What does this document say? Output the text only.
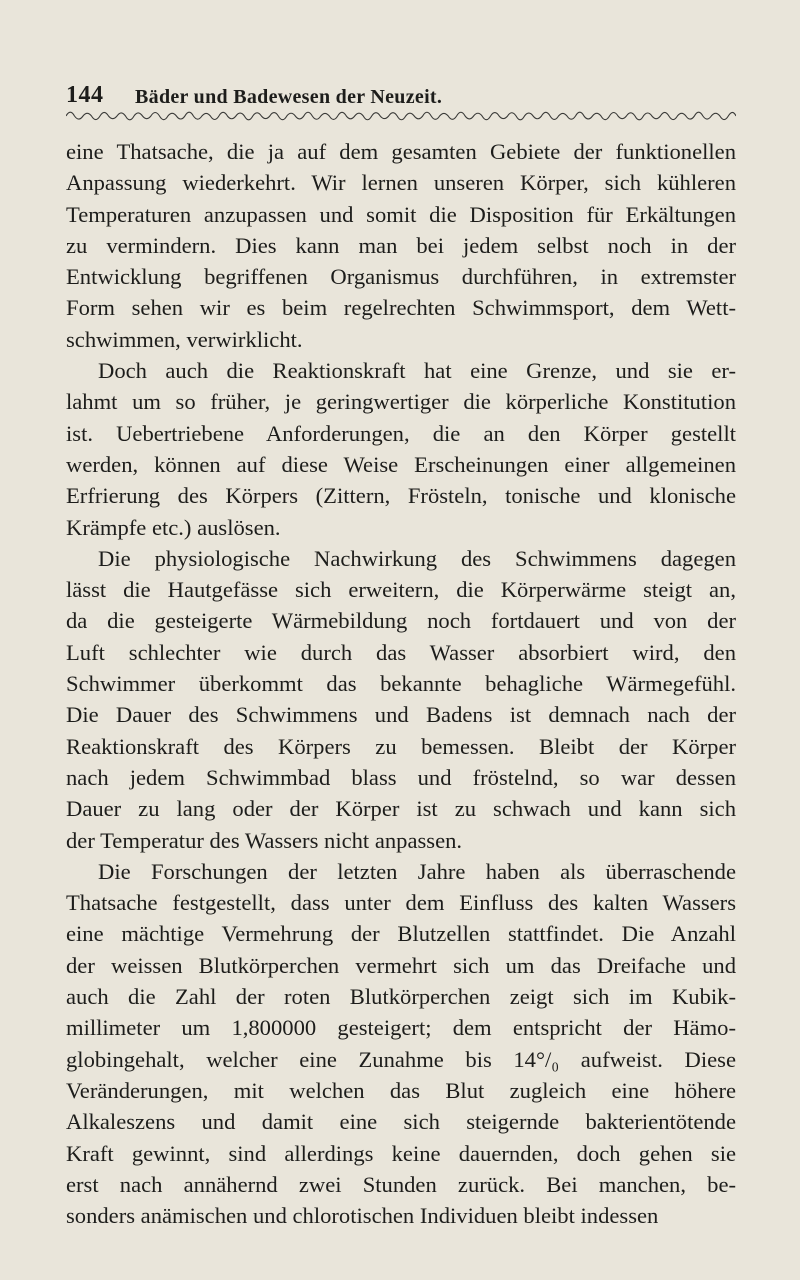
144 Bäder und Badewesen der Neuzeit.
eine Thatsache, die ja auf dem gesamten Gebiete der funktionellen
Anpassung wiederkehrt. Wir lernen unseren Körper, sich kühleren
Temperaturen anzupassen und somit die Disposition für Erkältungen
zu vermindern. Dies kann man bei jedem selbst noch in der
Entwicklung begriffenen Organismus durchführen, in extremster
Form sehen wir es beim regelrechten Schwimmsport, dem Wett-
schwimmen, verwirklicht.
Doch auch die Reaktionskraft hat eine Grenze, und sie er-
lahmt um so früher, je geringwertiger die körperliche Konstitution
ist. Uebertriebene Anforderungen, die an den Körper gestellt
werden, können auf diese Weise Erscheinungen einer allgemeinen
Erfrierung des Körpers (Zittern, Frösteln, tonische und klonische
Krämpfe etc.) auslösen.
Die physiologische Nachwirkung des Schwimmens dagegen
lässt die Hautgefässe sich erweitern, die Körperwärme steigt an,
da die gesteigerte Wärmebildung noch fortdauert und von der
Luft schlechter wie durch das Wasser absorbiert wird, den
Schwimmer überkommt das bekannte behagliche Wärmegefühl.
Die Dauer des Schwimmens und Badens ist demnach nach der
Reaktionskraft des Körpers zu bemessen. Bleibt der Körper
nach jedem Schwimmbad blass und fröstelnd, so war dessen
Dauer zu lang oder der Körper ist zu schwach und kann sich
der Temperatur des Wassers nicht anpassen.
Die Forschungen der letzten Jahre haben als überraschende
Thatsache festgestellt, dass unter dem Einfluss des kalten Wassers
eine mächtige Vermehrung der Blutzellen stattfindet. Die Anzahl
der weissen Blutkörperchen vermehrt sich um das Dreifache und
auch die Zahl der roten Blutkörperchen zeigt sich im Kubik-
millimeter um 1,800000 gesteigert; dem entspricht der Hämo-
globingehalt, welcher eine Zunahme bis 14°/₀ aufweist. Diese
Veränderungen, mit welchen das Blut zugleich eine höhere
Alkaleszens und damit eine sich steigernde bakterientötende
Kraft gewinnt, sind allerdings keine dauernden, doch gehen sie
erst nach annähernd zwei Stunden zurück. Bei manchen, be-
sonders anämischen und chlorotischen Individuen bleibt indessen
